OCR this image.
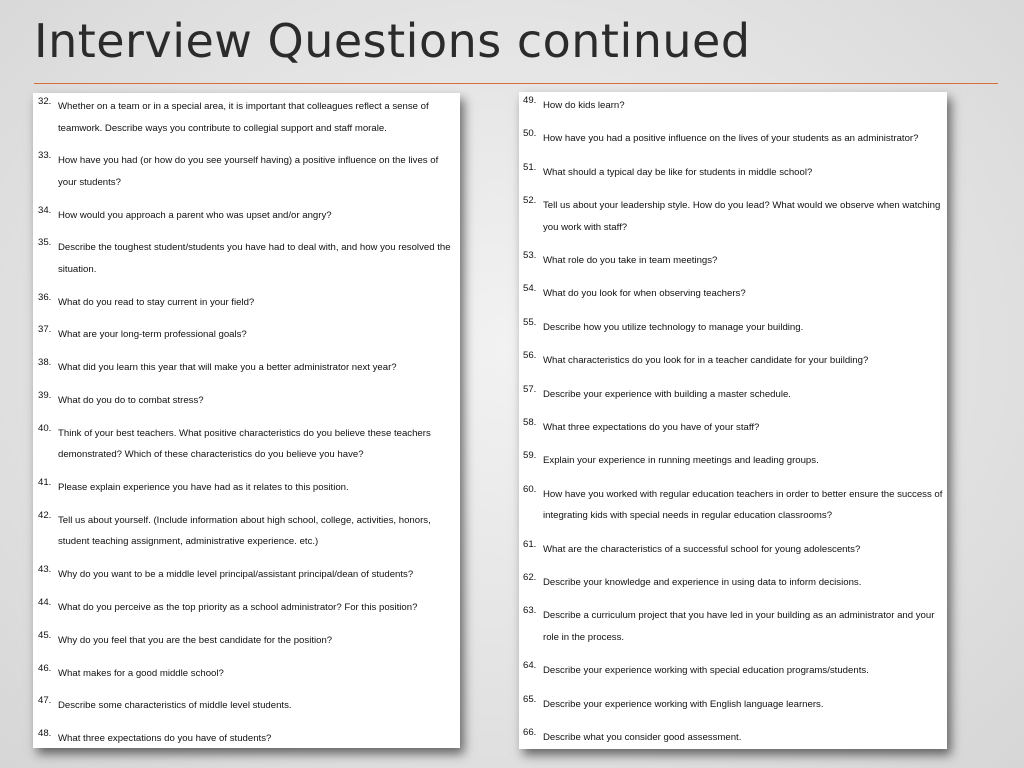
Interview Questions continued
32. Whether on a team or in a special area, it is important that colleagues reflect a sense of teamwork. Describe ways you contribute to collegial support and staff morale.
33. How have you had (or how do you see yourself having) a positive influence on the lives of your students?
34. How would you approach a parent who was upset and/or angry?
35. Describe the toughest student/students you have had to deal with, and how you resolved the situation.
36. What do you read to stay current in your field?
37. What are your long-term professional goals?
38. What did you learn this year that will make you a better administrator next year?
39. What do you do to combat stress?
40. Think of your best teachers. What positive characteristics do you believe these teachers demonstrated? Which of these characteristics do you believe you have?
41. Please explain experience you have had as it relates to this position.
42. Tell us about yourself. (Include information about high school, college, activities, honors, student teaching assignment, administrative experience. etc.)
43. Why do you want to be a middle level principal/assistant principal/dean of students?
44. What do you perceive as the top priority as a school administrator? For this position?
45. Why do you feel that you are the best candidate for the position?
46. What makes for a good middle school?
47. Describe some characteristics of middle level students.
48. What three expectations do you have of students?
49. How do kids learn?
50. How have you had a positive influence on the lives of your students as an administrator?
51. What should a typical day be like for students in middle school?
52. Tell us about your leadership style. How do you lead? What would we observe when watching you work with staff?
53. What role do you take in team meetings?
54. What do you look for when observing teachers?
55. Describe how you utilize technology to manage your building.
56. What characteristics do you look for in a teacher candidate for your building?
57. Describe your experience with building a master schedule.
58. What three expectations do you have of your staff?
59. Explain your experience in running meetings and leading groups.
60. How have you worked with regular education teachers in order to better ensure the success of integrating kids with special needs in regular education classrooms?
61. What are the characteristics of a successful school for young adolescents?
62. Describe your knowledge and experience in using data to inform decisions.
63. Describe a curriculum project that you have led in your building as an administrator and your role in the process.
64. Describe your experience working with special education programs/students.
65. Describe your experience working with English language learners.
66. Describe what you consider good assessment.
